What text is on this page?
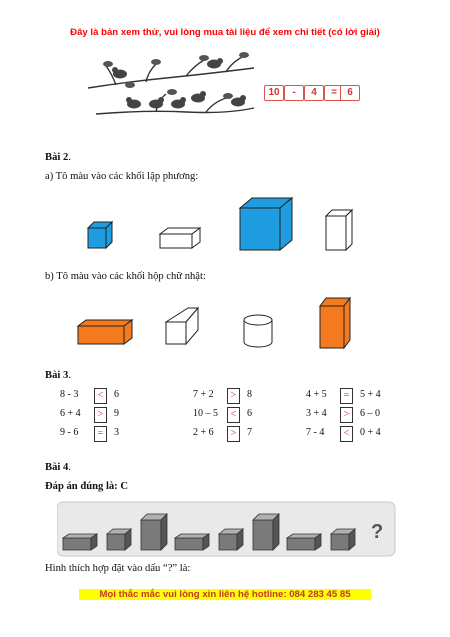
Đây là bản xem thử, vui lòng mua tài liệu để xem chi tiết (có lời giải)
10	-	4	=	6
Bài 2.
a) Tô màu vào các khối lập phương:
b) Tô màu vào các khối hộp chữ nhật:
Bài 3.
8 - 3	<	6	7 + 2	>	8	4 + 5	=	5 + 4
6 + 4	>	9	10 – 5	<	6	3 + 4	>	6 – 0
9 - 6	=	3	2 + 6	>	7	7 - 4	<	0 + 4
Bài 4.
Đáp án đúng là: C
?
Hình thích hợp đặt vào dấu “?” là:
Mọi thắc mắc vui lòng xin liên hệ hotline: 084 283 45 85
